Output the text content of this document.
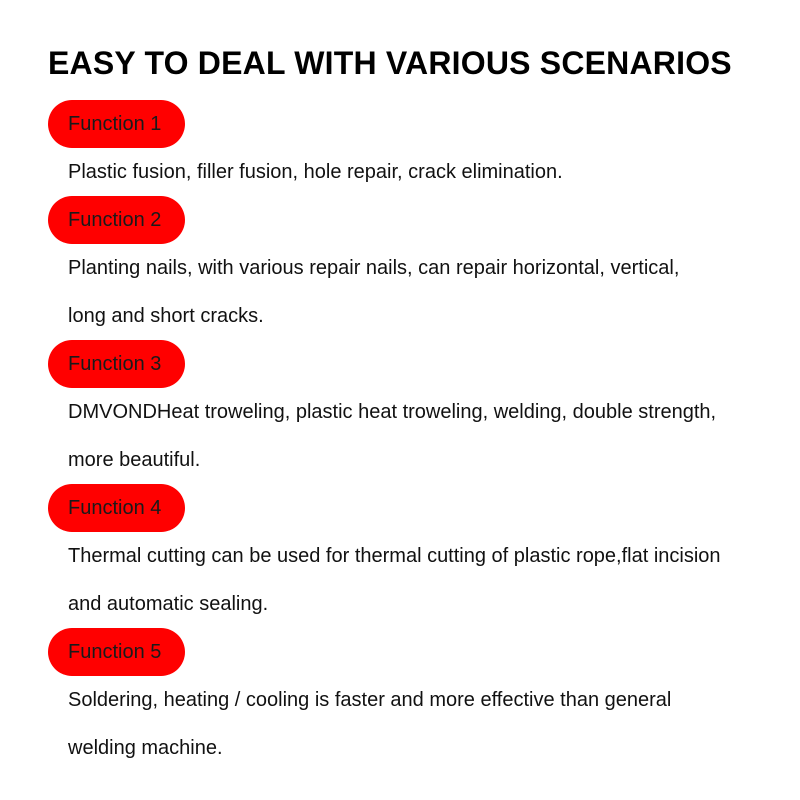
EASY TO DEAL WITH VARIOUS SCENARIOS
Function 1

Plastic fusion, filler fusion, hole repair, crack elimination.

Function 2

Planting nails, with various repair nails, can repair horizontal, vertical,
long and short cracks.

Function 3

DMVONDHeat troweling, plastic heat troweling, welding, double strength,
more beautiful.

Function 4

Thermal cutting can be used for thermal cutting of plastic rope,flat incision
and automatic sealing.

Function 5

Soldering, heating / cooling is faster and more effective than general
welding machine.
